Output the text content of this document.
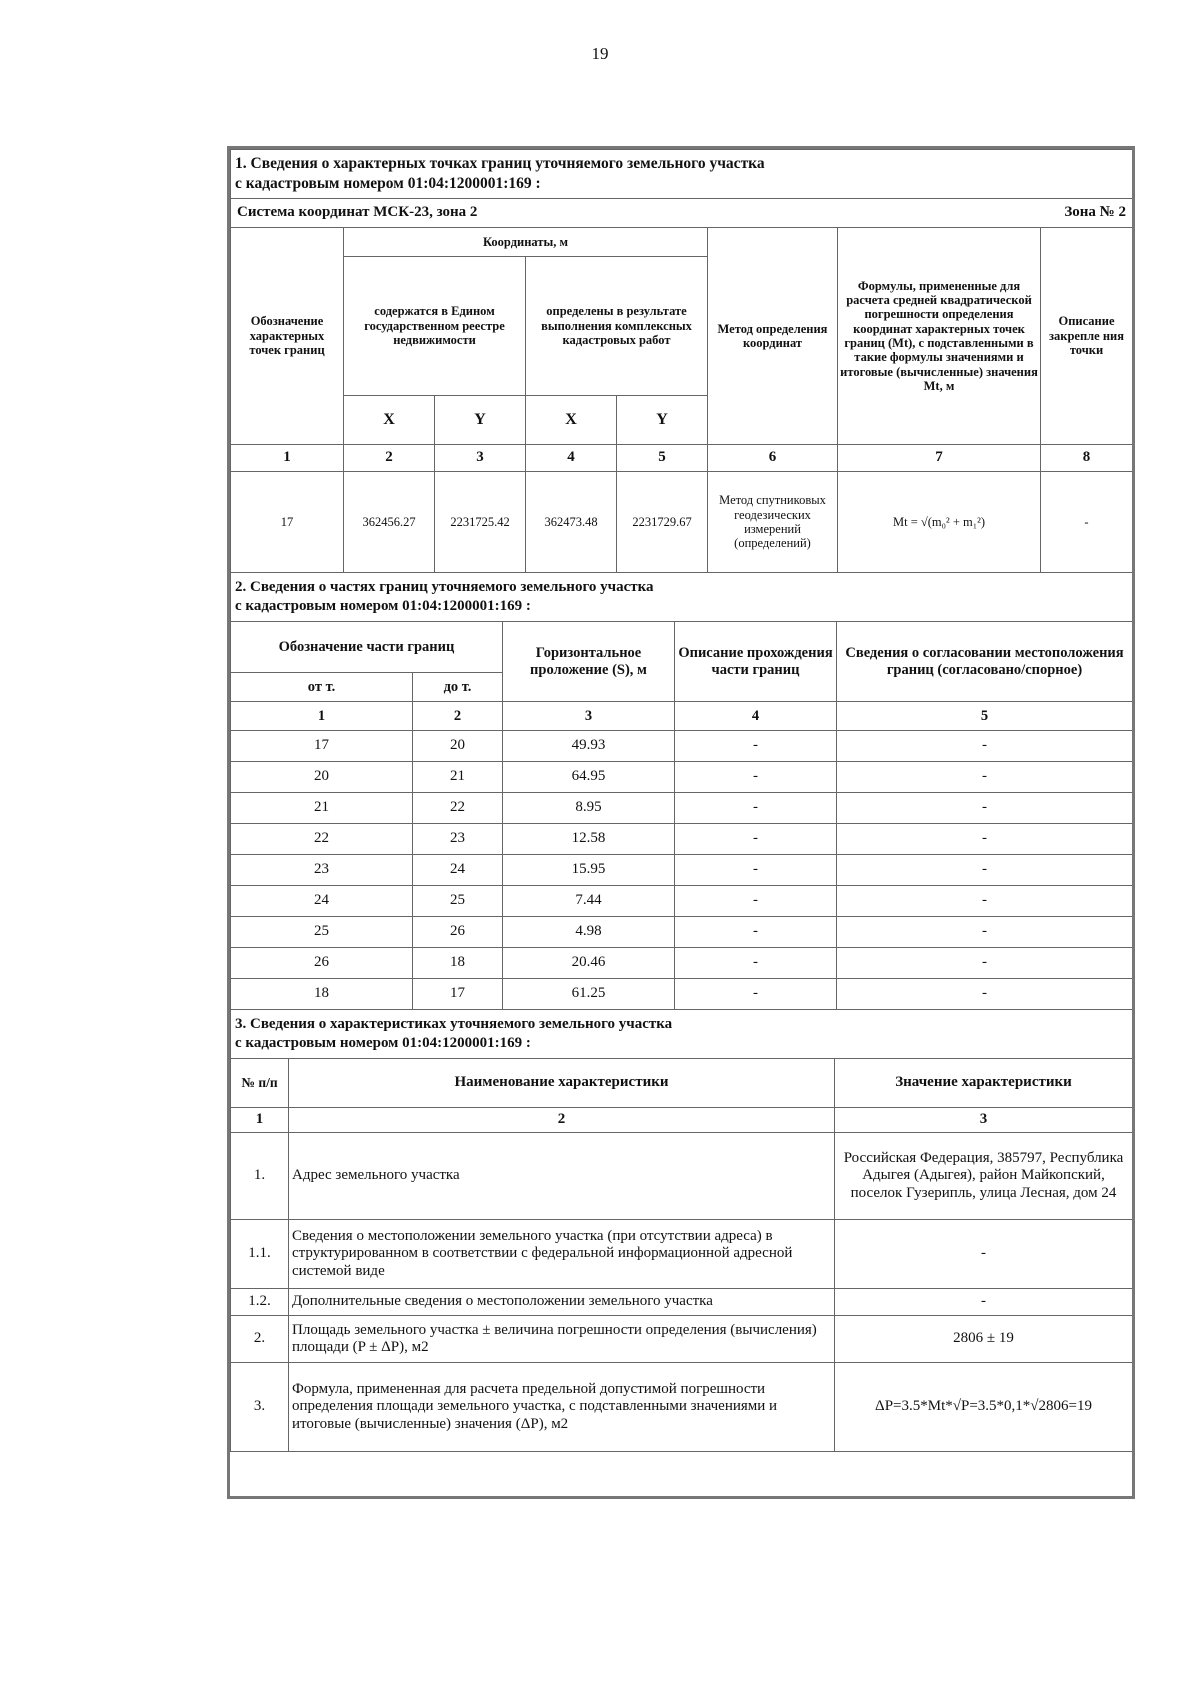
19
1. Сведения о характерных точках границ уточняемого земельного участка
с кадастровым номером 01:04:1200001:169 :							
Система координат МСК-23, зона 2							Зона № 2
Обозначение характерных точек границ	Координаты, м				Метод определения координат	Формулы, примененные для расчета средней квадратической погрешности определения координат характерных точек границ (Mt), с подставленными в такие формулы значениями и итоговые (вычисленные) значения Mt, м	Описание закрепле ния точки
	содержатся в Едином государственном реестре недвижимости		определены в результате выполнения комплексных кадастровых работ				
	X	Y	X	Y			
1	2	3	4	5	6	7	8
17	362456.27	2231725.42	362473.48	2231729.67	Метод спутниковых геодезических измерений (определений)	Mt = √(m₀² + m₁²)	-
2. Сведения о частях границ уточняемого земельного участка
с кадастровым номером 01:04:1200001:169 :				
Обозначение части границ		Горизонтальное проложение (S), м	Описание прохождения части границ	Сведения о согласовании местоположения границ (согласовано/спорное)
от т.	до т.			
1	2	3	4	5
17	20	49.93	-	-
20	21	64.95	-	-
21	22	8.95	-	-
22	23	12.58	-	-
23	24	15.95	-	-
24	25	7.44	-	-
25	26	4.98	-	-
26	18	20.46	-	-
18	17	61.25	-	-
3. Сведения о характеристиках уточняемого земельного участка
с кадастровым номером 01:04:1200001:169 :		
№ п/п	Наименование характеристики	Значение характеристики
1	2	3
1.	Адрес земельного участка	Российская Федерация, 385797, Республика Адыгея (Адыгея), район Майкопский, поселок Гузерипль, улица Лесная, дом 24
1.1.	Сведения о местоположении земельного участка (при отсутствии адреса) в структурированном в соответствии с федеральной информационной адресной системой виде	-
1.2.	Дополнительные сведения о местоположении земельного участка	-
2.	Площадь земельного участка ± величина погрешности определения (вычисления) площади (P ± ΔP), м2	2806 ± 19
3.	Формула, примененная для расчета предельной допустимой погрешности определения площади земельного участка, с подставленными значениями и итоговые (вычисленные) значения (ΔP), м2	ΔP=3.5*Mt*√P=3.5*0,1*√2806=19
